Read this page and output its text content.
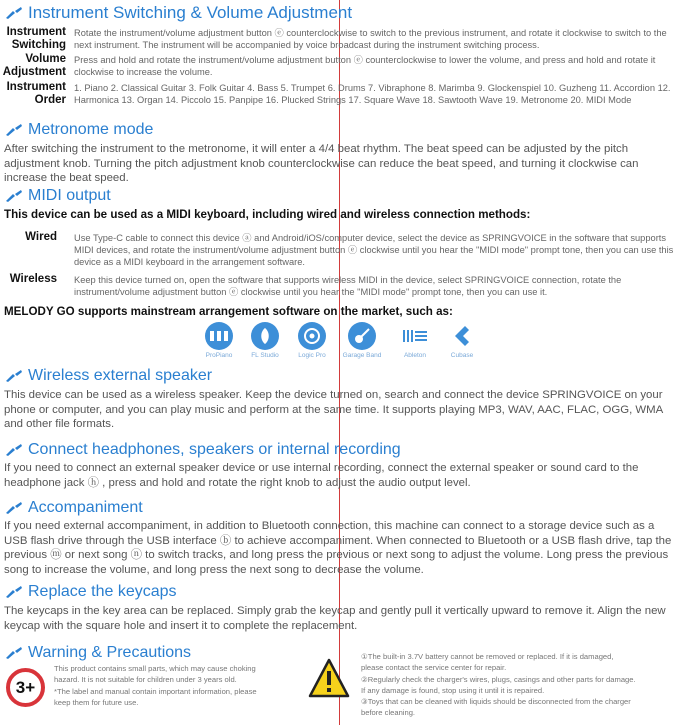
Instrument Switching & Volume Adjustment
Instrument
Switching
Rotate the instrument/volume adjustment button ⓔ counterclockwise to switch to the previous instrument, and rotate it clockwise to switch to the next instrument. The instrument will be accompanied by voice broadcast during the instrument switching process.
Volume
Adjustment
Press and hold and rotate the instrument/volume adjustment button ⓔ counterclockwise to lower the volume, and press and hold and rotate it clockwise to increase the volume.
Instrument
Order
1. Piano 2. Classical Guitar 3. Folk Guitar 4. Bass 5. Trumpet 6. Drums 7. Vibraphone 8. Marimba 9. Glockenspiel 10. Guzheng 11. Accordion 12. Harmonica 13. Organ 14. Piccolo 15. Panpipe 16. Plucked Strings 17. Square Wave 18. Sawtooth Wave 19. Metronome 20. MIDI Mode
Metronome mode
After switching the instrument to the metronome, it will enter a 4/4 beat rhythm. The beat speed can be adjusted by the pitch adjustment knob. Turning the pitch adjustment knob counterclockwise can reduce the beat speed, and turning it clockwise can increase the beat speed.
MIDI output
This device can be used as a MIDI keyboard, including wired and wireless connection methods:
Wired Use Type-C cable to connect this device ⓐ and Android/iOS/computer device, select the device as SPRINGVOICE in the software that supports MIDI devices, and rotate the instrument/volume adjustment button ⓔ clockwise until you hear the "MIDI mode" prompt tone, then you can use this device as a MIDI keyboard in the arrangement software.
Wireless Keep this device turned on, open the software that supports wireless MIDI in the device, select SPRINGVOICE connection, rotate the instrument/volume adjustment button ⓔ clockwise until you hear the "MIDI mode" prompt tone, then you can use it.
MELODY GO supports mainstream arrangement software on the market, such as:
ProPiano	FL Studio	Logic Pro	Garage Band	Ableton	Cubase
Wireless external speaker
This device can be used as a wireless speaker. Keep the device turned on, search and connect the device SPRINGVOICE on your phone or computer, and you can play music and perform at the same time. It supports playing MP3, WAV, AAC, FLAC, OGG, WMA and other file formats.
Connect headphones, speakers or internal recording
If you need to connect an external speaker device or use internal recording, connect the external speaker or sound card to the headphone jack ⓗ , press and hold and rotate the right knob to adjust the audio output level.
Accompaniment
If you need external accompaniment, in addition to Bluetooth connection, this machine can connect to a storage device such as a USB flash drive through the USB interface ⓑ to achieve accompaniment. When connected to Bluetooth or a USB flash drive, tap the previous ⓜ or next song ⓝ to switch tracks, and long press the previous or next song to adjust the volume. Long press the previous song to increase the volume, and long press the next song to decrease the volume.
Replace the keycaps
The keycaps in the key area can be replaced. Simply grab the keycap and gently pull it vertically upward to remove it. Align the new keycap with the square hole and insert it to complete the replacement.
Warning & Precautions
3+
This product contains small parts, which may cause choking
hazard. It is not suitable for children under 3 years old.
*The label and manual contain important information, please
keep them for future use.
①The built-in 3.7V battery cannot be removed or replaced. If it is damaged,
please contact the service center for repair.
②Regularly check the charger's wires, plugs, casings and other parts for damage.
If any damage is found, stop using it until it is repaired.
③Toys that can be cleaned with liquids should be disconnected from the charger
before cleaning.
